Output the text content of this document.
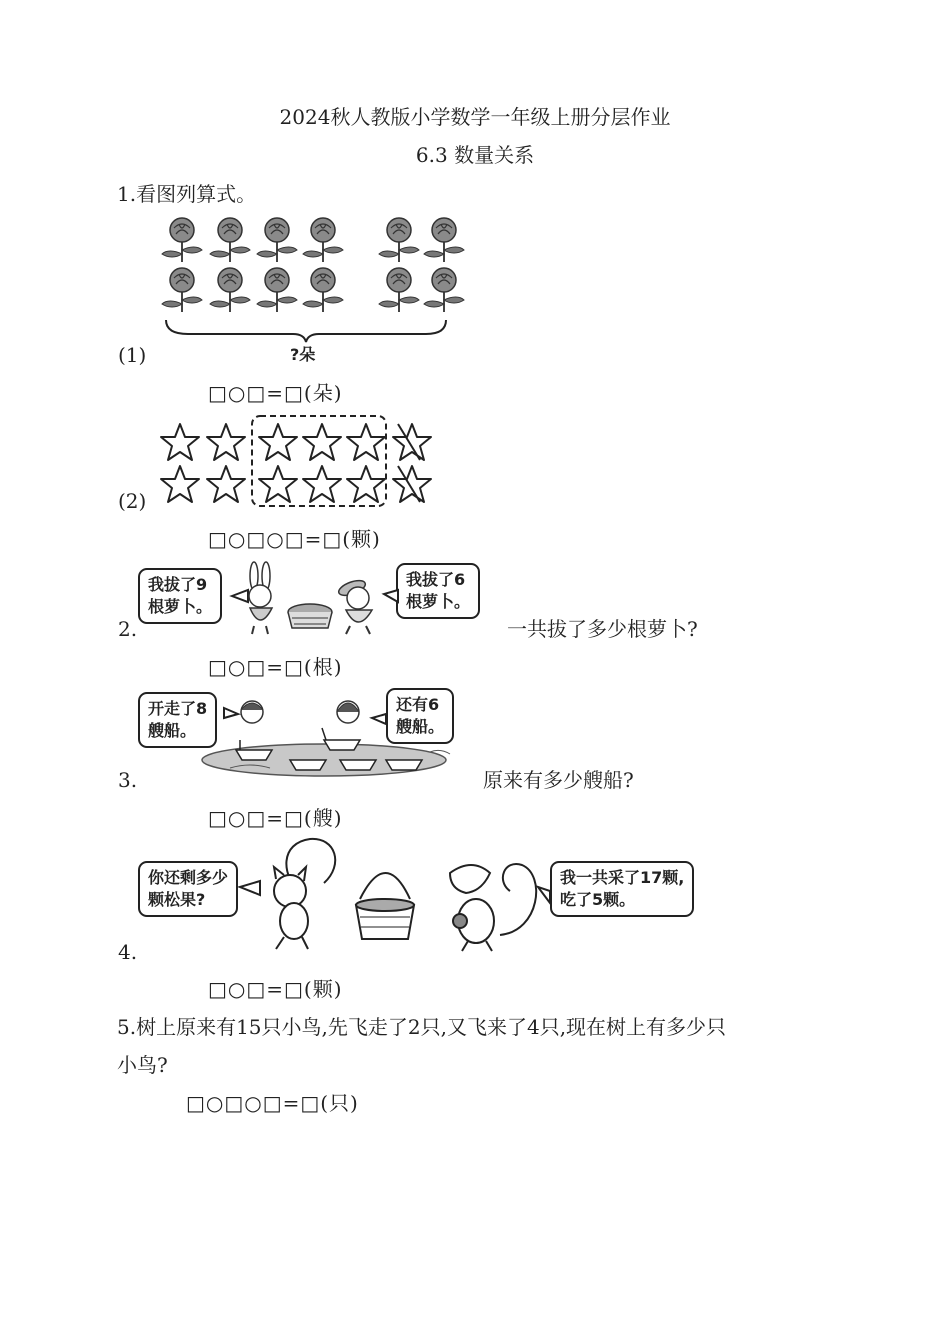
2024秋人教版小学数学一年级上册分层作业
6.3 数量关系
1.看图列算式。
?朵
(1)
□○□=□(朵)
(2)
□○□○□=□(颗)
我拔了9
根萝卜。
我拔了6
根萝卜。
2.	一共拔了多少根萝卜?
□○□=□(根)
开走了8
艘船。
还有6
艘船。
3.	原来有多少艘船?
□○□=□(艘)
你还剩多少
颗松果?
我一共采了17颗,
吃了5颗。
4.
□○□=□(颗)
5.树上原来有15只小鸟,先飞走了2只,又飞来了4只,现在树上有多少只
小鸟?
□○□○□=□(只)
